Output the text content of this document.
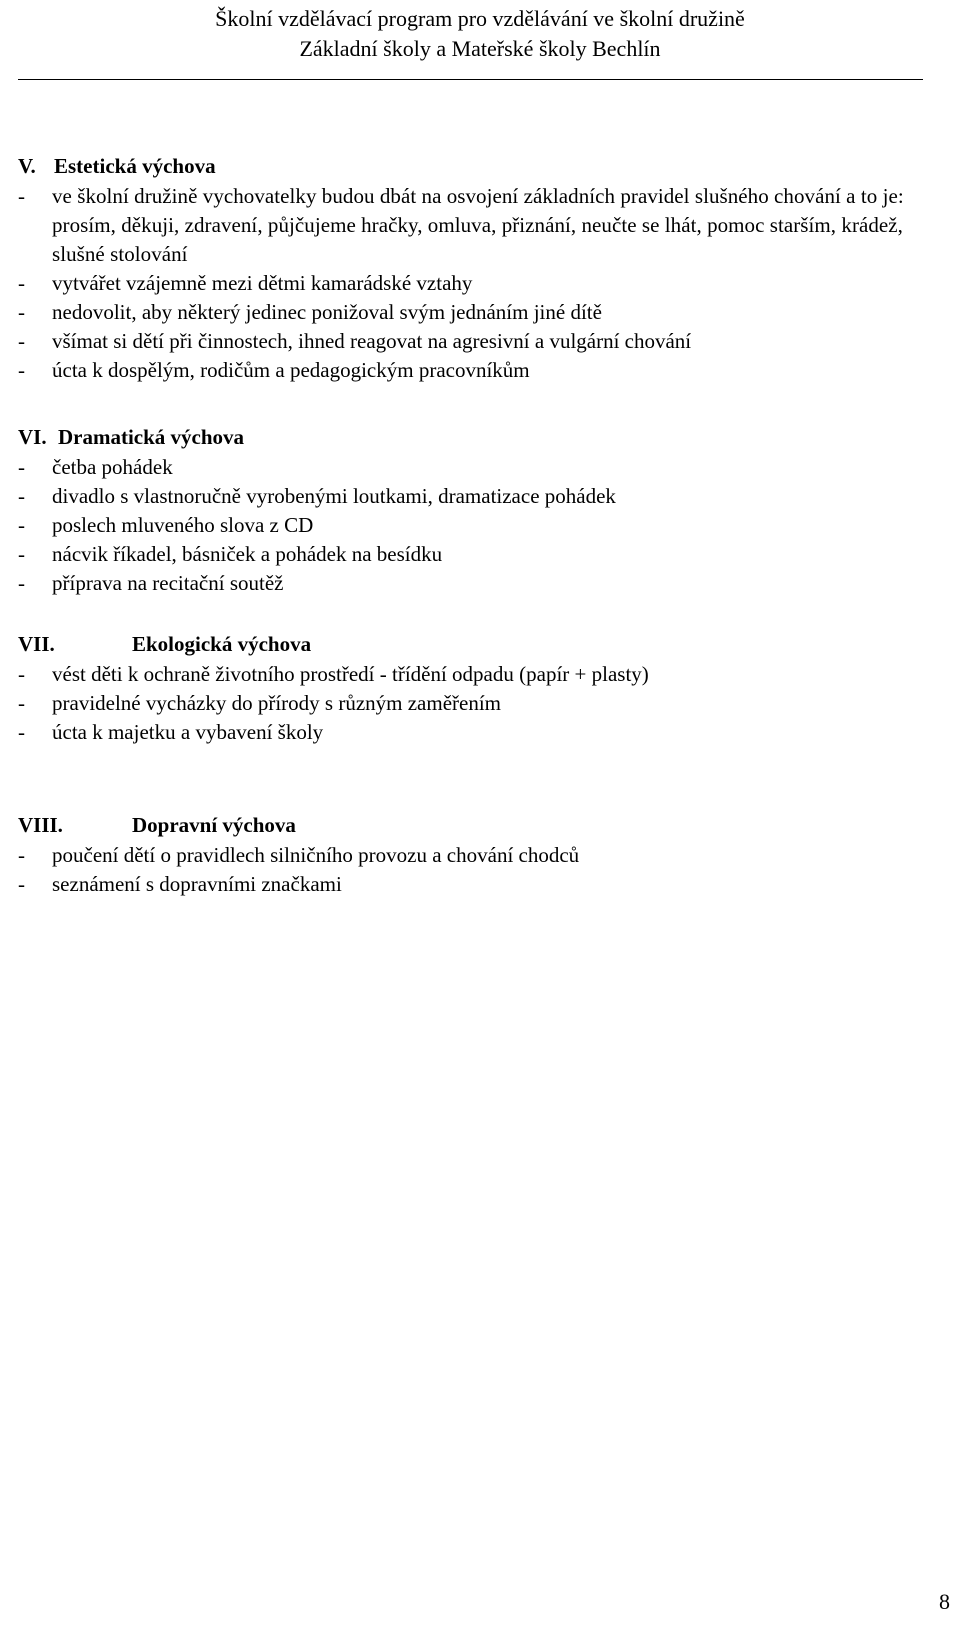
Školní vzdělávací program pro vzdělávání ve školní družině
Základní školy a Mateřské školy Bechlín
V. Estetická výchova
- ve školní družině vychovatelky budou dbát na osvojení základních pravidel slušného chování a to je: prosím, děkuji, zdravení, půjčujeme hračky, omluva, přiznání, neučte se lhát, pomoc starším, krádež, slušné stolování
- vytvářet vzájemně mezi dětmi kamarádské vztahy
- nedovolit, aby některý jedinec ponižoval svým jednáním jiné dítě
- všímat si dětí při činnostech, ihned reagovat na agresivní a vulgární chování
- úcta k dospělým, rodičům a pedagogickým pracovníkům
VI. Dramatická výchova
- četba pohádek
- divadlo s vlastnoručně vyrobenými loutkami, dramatizace pohádek
- poslech mluveného slova z CD
- nácvik říkadel, básniček a pohádek na besídku
- příprava na recitační soutěž
VII.	Ekologická výchova
- vést děti k ochraně životního prostředí - třídění odpadu (papír + plasty)
- pravidelné vycházky do přírody s různým zaměřením
- úcta k majetku a vybavení školy
VIII.	Dopravní výchova
- poučení dětí o pravidlech silničního provozu a chování chodců
- seznámení s dopravními značkami
8
